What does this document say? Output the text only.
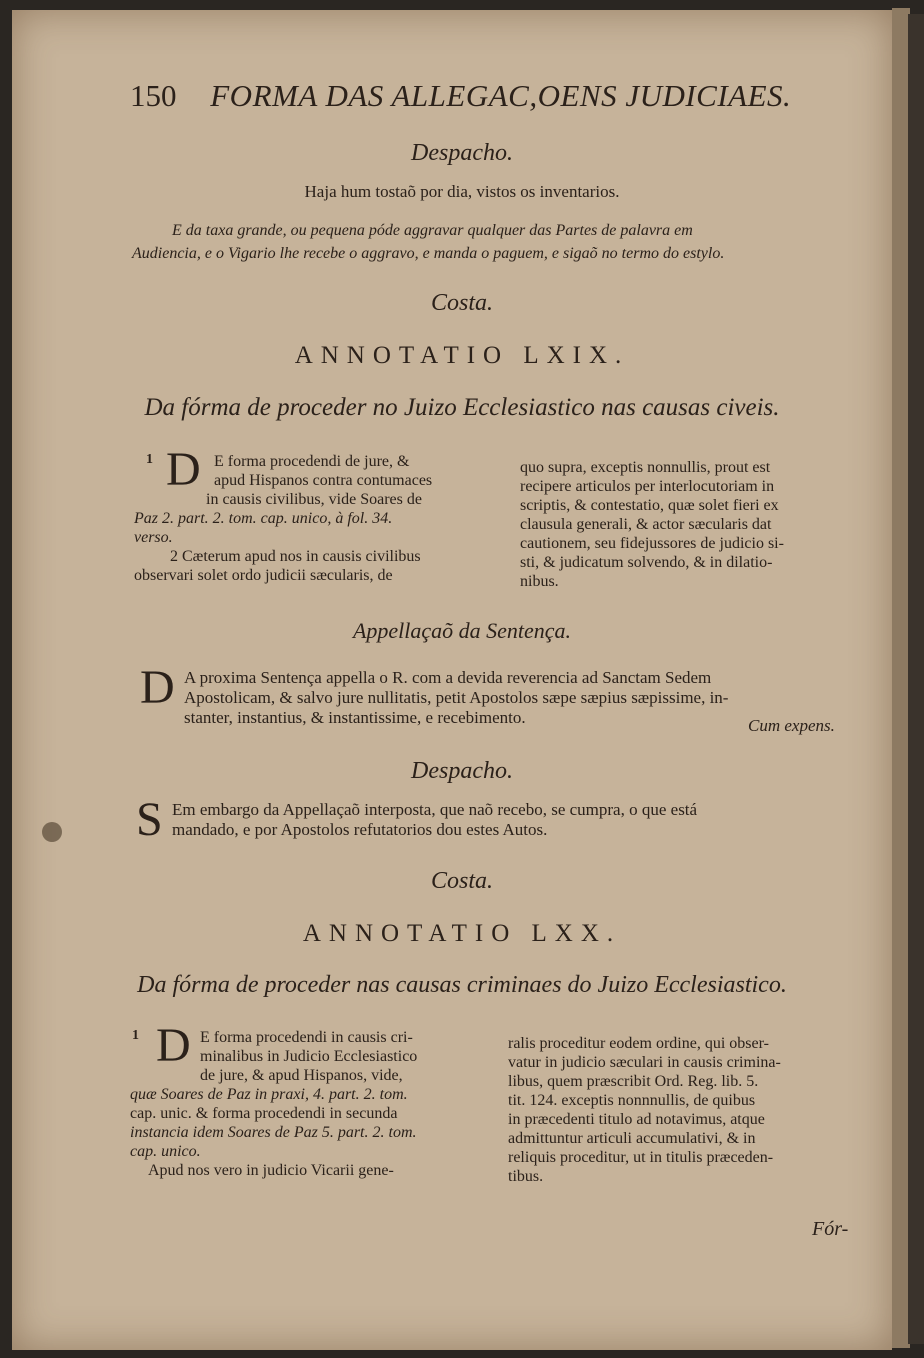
150 FORMA DAS ALLEGAC,OENS JUDICIAES.
Despacho.
Haja hum tostaõ por dia, vistos os inventarios.
E da taxa grande, ou pequena póde aggravar qualquer das Partes de palavra em
Audiencia, e o Vigario lhe recebe o aggravo, e manda o paguem, e sigaõ no termo do estylo.
Costa.
ANNOTATIO LXIX.
Da fórma de proceder no Juizo Ecclesiastico nas causas civeis.
1 D E forma procedendi de jure, &
apud Hispanos contra contumaces
in causis civilibus, vide Soares de
Paz 2. part. 2. tom. cap. unico, à fol. 34.
verso.
2 Cæterum apud nos in causis civilibus
observari solet ordo judicii sæcularis, de
quo supra, exceptis nonnullis, prout est
recipere articulos per interlocutoriam in
scriptis, & contestatio, quæ solet fieri ex
clausula generali, & actor sæcularis dat
cautionem, seu fidejussores de judicio si-
sti, & judicatum solvendo, & in dilatio-
nibus.
Appellaçaõ da Sentença.
D A proxima Sentença appella o R. com a devida reverencia ad Sanctam Sedem
Apostolicam, & salvo jure nullitatis, petit Apostolos sæpe sæpius sæpissime, in-
stanter, instantius, & instantissime, e recebimento.	Cum expens.
Despacho.
S Em embargo da Appellaçaõ interposta, que naõ recebo, se cumpra, o que está
mandado, e por Apostolos refutatorios dou estes Autos.
Costa.
ANNOTATIO LXX.
Da fórma de proceder nas causas criminaes do Juizo Ecclesiastico.
1 D E forma procedendi in causis cri-
minalibus in Judicio Ecclesiastico
de jure, & apud Hispanos, vide,
quæ Soares de Paz in praxi, 4. part. 2. tom.
cap. unic. & forma procedendi in secunda
instancia idem Soares de Paz 5. part. 2. tom.
cap. unico.
Apud nos vero in judicio Vicarii gene-
ralis proceditur eodem ordine, qui obser-
vatur in judicio sæculari in causis crimina-
libus, quem præscribit Ord. Reg. lib. 5.
tit. 124. exceptis nonnnullis, de quibus
in præcedenti titulo ad notavimus, atque
admittuntur articuli accumulativi, & in
reliquis proceditur, ut in titulis præceden-
tibus.
Fór-
